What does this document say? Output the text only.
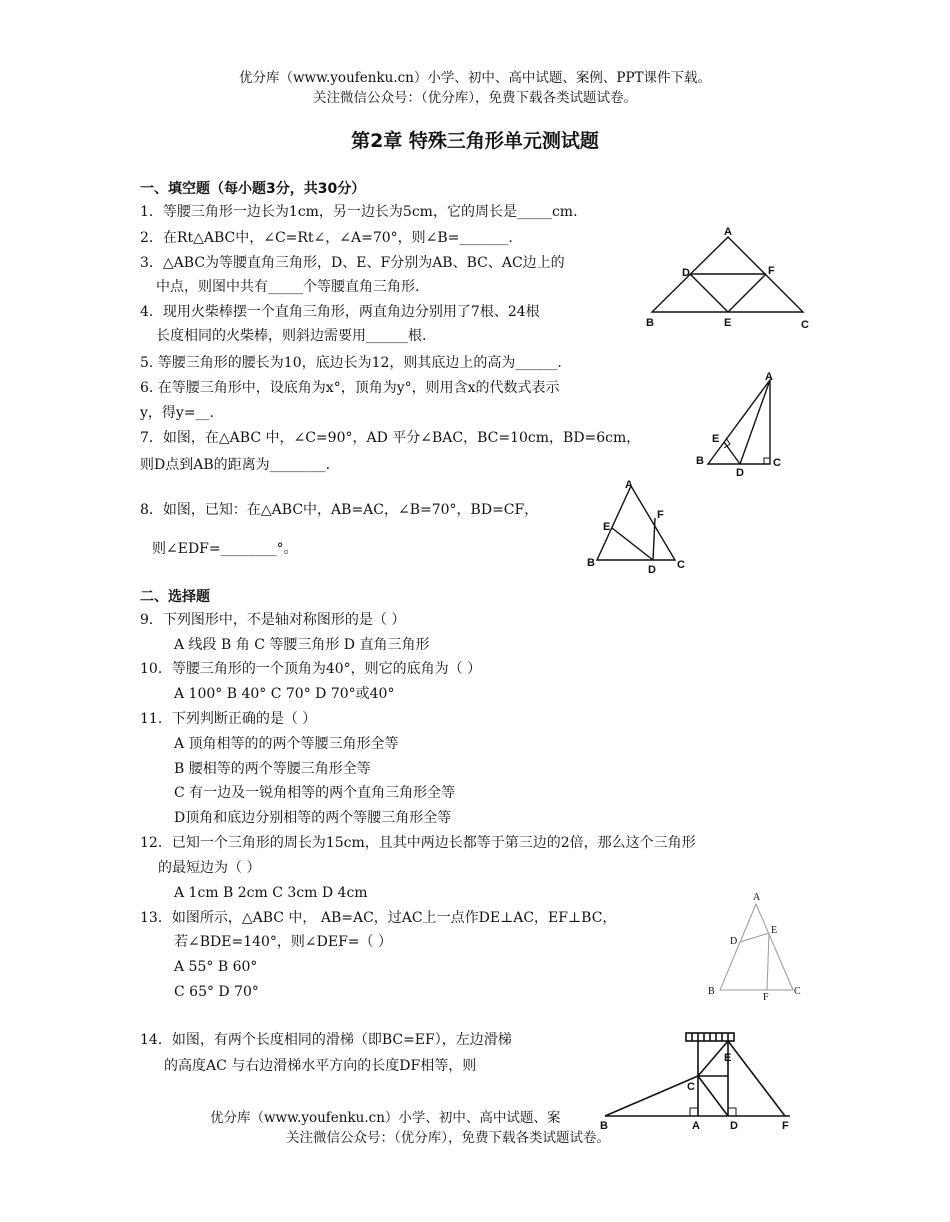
优分库（www.youfenku.cn）小学、初中、高中试题、案例、PPT课件下载。
关注微信公众号：（优分库），免费下载各类试题试卷。
第2章 特殊三角形单元测试题
一、填空题（每小题3分，共30分）
1．等腰三角形一边长为1cm，另一边长为5cm，它的周长是_____cm.
2．在Rt△ABC中，∠C=Rt∠，∠A=70°，则∠B=_______.
3．△ABC为等腰直角三角形，D、E、F分别为AB、BC、AC边上的
中点，则图中共有_____个等腰直角三角形.
4．现用火柴棒摆一个直角三角形，两直角边分别用了7根、24根
长度相同的火柴棒，则斜边需要用______根.
5. 等腰三角形的腰长为10，底边长为12，则其底边上的高为______.
6. 在等腰三角形中，设底角为x°，顶角为y°，则用含x的代数式表示
y，得y=__.
7．如图，在△ABC 中，∠C=90°，AD 平分∠BAC，BC=10cm，BD=6cm，
则D点到AB的距离为________.
8．如图，已知：在△ABC中，AB=AC，∠B=70°，BD=CF，
则∠EDF=________°。
二、选择题
9．下列图形中，不是轴对称图形的是（ ）
A 线段 B 角 C 等腰三角形 D 直角三角形
10．等腰三角形的一个顶角为40°，则它的底角为（ ）
A 100° B 40° C 70° D 70°或40°
11．下列判断正确的是（ ）
A 顶角相等的的两个等腰三角形全等
B 腰相等的两个等腰三角形全等
C 有一边及一锐角相等的两个直角三角形全等
D顶角和底边分别相等的两个等腰三角形全等
12．已知一个三角形的周长为15cm，且其中两边长都等于第三边的2倍，那么这个三角形
的最短边为（ ）
A 1cm B 2cm C 3cm D 4cm
13．如图所示，△ABC 中， AB=AC，过AC上一点作DE⊥AC，EF⊥BC，
若∠BDE=140°，则∠DEF=（ ）
A 55° B 60°
C 65° D 70°
14．如图，有两个长度相同的滑梯（即BC=EF），左边滑梯
的高度AC 与右边滑梯水平方向的长度DF相等，则
A
B	C
D
E
F
A
B	C
D
E
A
B	C
D
E
F
A
B	C
D
E
F
B	A
C
D
E
F
优分库（www.youfenku.cn）小学、初中、高中试题、案
关注微信公众号：（优分库），免费下载各类试题试卷。
